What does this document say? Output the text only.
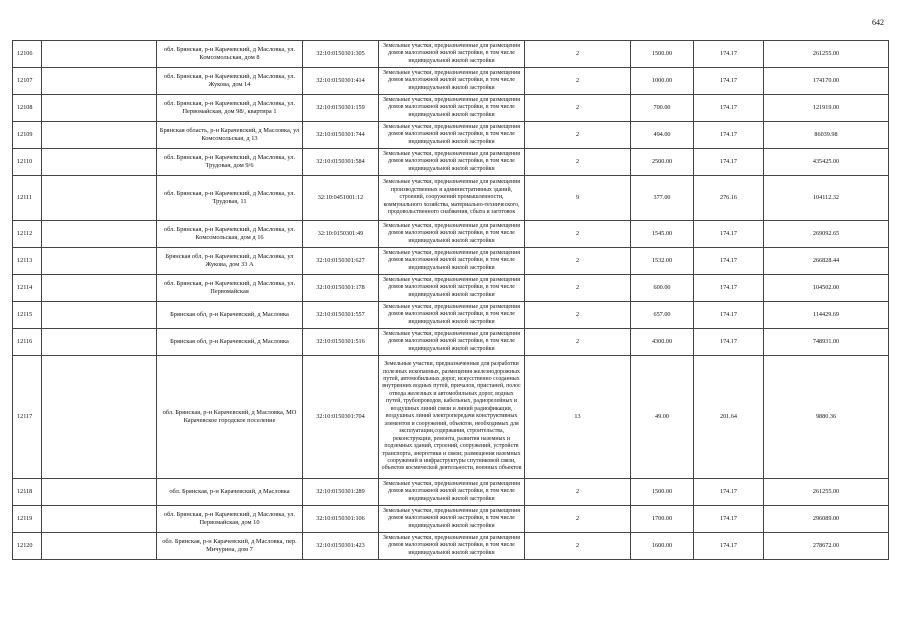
642
12106		обл. Брянская, р-н Карачевский, д Масловка, ул. Комсомольская, дом 8	32:10:0150301:305	Земельные участки, предназначенные для размещения домов малоэтажной жилой застройки, в том числе индивидуальной жилой застройки	2	1500.00	174.17	261255.00
12107		обл. Брянская, р-н Карачевский, д Масловка, ул. Жукова, дом 14	32:10:0150301:414	Земельные участки, предназначенные для размещения домов малоэтажной жилой застройки, в том числе индивидуальной жилой застройки	2	1000.00	174.17	174170.00
12108		обл. Брянская, р-н Карачевский, д Масловка, ул. Первомайская, дом 98/, квартира 1	32:10:0150301:159	Земельные участки, предназначенные для размещения домов малоэтажной жилой застройки, в том числе индивидуальной жилой застройки	2	700.00	174.17	121919.00
12109		Брянская область, р-н Карачевский, д Масловка, ул Комсомольская, д 13	32:10:0150301:744	Земельные участки, предназначенные для размещения домов малоэтажной жилой застройки, в том числе индивидуальной жилой застройки	2	494.00	174.17	86039.98
12110		обл. Брянская, р-н Карачевский, д Масловка, ул. Трудовая, дом 9/6	32:10:0150301:584	Земельные участки, предназначенные для размещения домов малоэтажной жилой застройки, в том числе индивидуальной жилой застройки	2	2500.00	174.17	435425.00
12111		обл. Брянская, р-н Карачевский, д Масловка, ул. Трудовая, 11	32:10:0451001:12	Земельные участки, предназначенные для размещения производственных и административных зданий, строений, сооружений промышленности, коммунального хозяйства, материально-технического, продовольственного снабжения, сбыта и заготовок	9	377.00	276.16	104112.32
12112		обл. Брянская, р-н Карачевский, д Масловка, ул. Комсомольская, дом д 16	32:10:0150301:49	Земельные участки, предназначенные для размещения домов малоэтажной жилой застройки, в том числе индивидуальной жилой застройки	2	1545.00	174.17	269092.65
12113		Брянская обл, р-н Карачевский, д Масловка, ул Жукова, дом 33 А	32:10:0150301:627	Земельные участки, предназначенные для размещения домов малоэтажной жилой застройки, в том числе индивидуальной жилой застройки	2	1532.00	174.17	266828.44
12114		обл. Брянская, р-н Карачевский, д Масловка, ул. Первомайская	32:10:0150301:178	Земельные участки, предназначенные для размещения домов малоэтажной жилой застройки, в том числе индивидуальной жилой застройки	2	600.00	174.17	104502.00
12115		Брянская обл, р-н Карачевский, д Масловка	32:10:0150301:557	Земельные участки, предназначенные для размещения домов малоэтажной жилой застройки, в том числе индивидуальной жилой застройки	2	657.00	174.17	114429.69
12116		Брянская обл, р-н Карачевский, д Масловка	32:10:0150301:516	Земельные участки, предназначенные для размещения домов малоэтажной жилой застройки, в том числе индивидуальной жилой застройки	2	4300.00	174.17	748931.00
12117		обл. Брянская, р-н Карачевский, д Масловка, МО Карачевское городское поселение	32:10:0150301:704	Земельные участки, предназначенные для разработки полезных ископаемых, размещения железнодорожных путей, автомобильных дорог, искусственно созданных внутренних водных путей, причалов, пристаней, полос отвода железных и автомобильных дорог, водных путей, трубопроводов, кабельных, радиорелейных и воздушных линий связи и линий радиофикации, воздушных линий электропередачи конструктивных элементов и сооружений, объектов, необходимых для эксплуатации,содержания, строительства, реконструкции, ремонта, развития наземных и подземных зданий, строений, сооружений, устройств транспорта, энергетики и связи; размещения наземных сооружений и инфраструктуры спутниковой связи, объектов космической деятельности, военных объектов	13	49.00	201.64	9880.36
12118		обл. Брянская, р-н Карачевский, д Масловка	32:10:0150301:289	Земельные участки, предназначенные для размещения домов малоэтажной жилой застройки, в том числе индивидуальной жилой застройки	2	1500.00	174.17	261255.00
12119		обл. Брянская, р-н Карачевский, д Масловка, ул. Первомайская, дом 10	32:10:0150301:106	Земельные участки, предназначенные для размещения домов малоэтажной жилой застройки, в том числе индивидуальной жилой застройки	2	1700.00	174.17	296089.00
12120		обл. Брянская, р-н Карачевский, д Масловка, пер. Мичурина, дом 7	32:10:0150301:423	Земельные участки, предназначенные для размещения домов малоэтажной жилой застройки, в том числе индивидуальной жилой застройки	2	1600.00	174.17	278672.00
